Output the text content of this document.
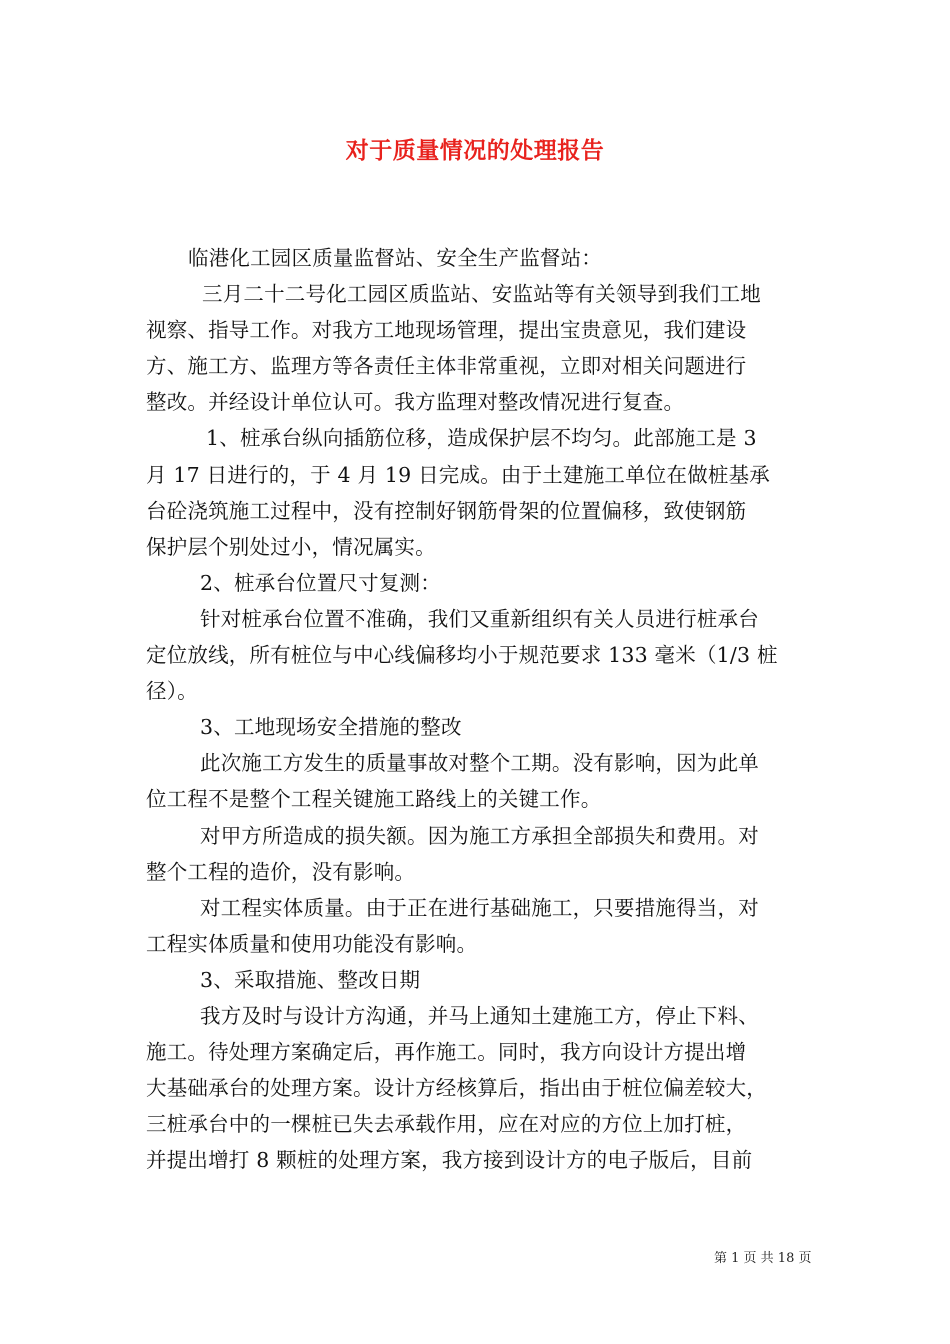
对于质量情况的处理报告
临港化工园区质量监督站、安全生产监督站：
三月二十二号化工园区质监站、安监站等有关领导到我们工地
视察、指导工作。对我方工地现场管理，提出宝贵意见，我们建设
方、施工方、监理方等各责任主体非常重视，立即对相关问题进行
整改。并经设计单位认可。我方监理对整改情况进行复查。
1、桩承台纵向插筋位移，造成保护层不均匀。此部施工是 3
月 17 日进行的，于 4 月 19 日完成。由于土建施工单位在做桩基承
台砼浇筑施工过程中，没有控制好钢筋骨架的位置偏移，致使钢筋
保护层个别处过小，情况属实。
2、桩承台位置尺寸复测：
针对桩承台位置不准确，我们又重新组织有关人员进行桩承台
定位放线，所有桩位与中心线偏移均小于规范要求 133 毫米（1/3 桩
径）。
3、工地现场安全措施的整改
此次施工方发生的质量事故对整个工期。没有影响，因为此单
位工程不是整个工程关键施工路线上的关键工作。
对甲方所造成的损失额。因为施工方承担全部损失和费用。对
整个工程的造价，没有影响。
对工程实体质量。由于正在进行基础施工，只要措施得当，对
工程实体质量和使用功能没有影响。
3、采取措施、整改日期
我方及时与设计方沟通，并马上通知土建施工方，停止下料、
施工。待处理方案确定后，再作施工。同时，我方向设计方提出增
大基础承台的处理方案。设计方经核算后，指出由于桩位偏差较大，
三桩承台中的一棵桩已失去承载作用，应在对应的方位上加打桩，
并提出增打 8 颗桩的处理方案，我方接到设计方的电子版后，目前
第 1 页 共 18 页
